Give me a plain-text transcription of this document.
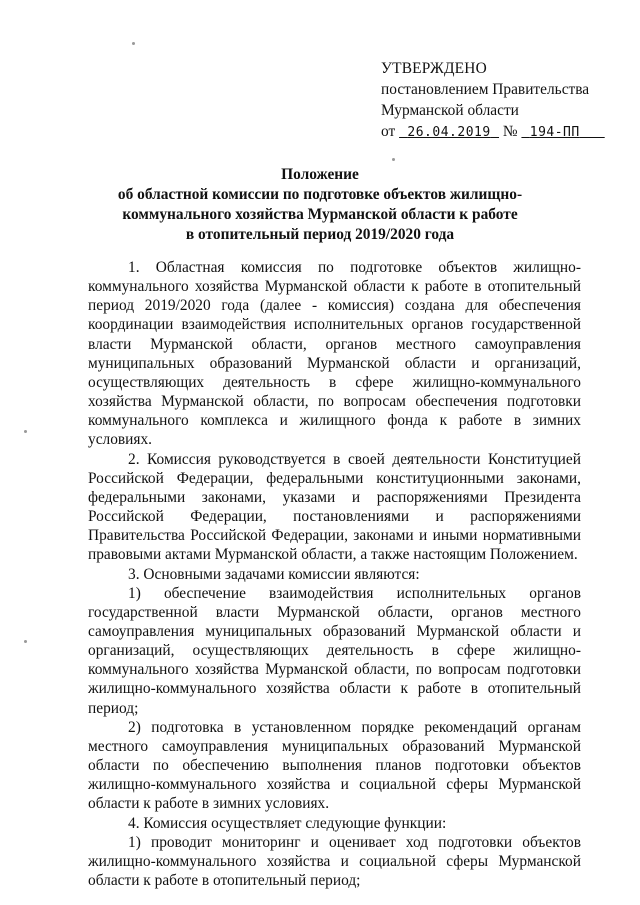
УТВЕРЖДЕНО
постановлением Правительства
Мурманской области
от 26.04.2019 № 194-ПП
Положение
об областной комиссии по подготовке объектов жилищно-
коммунального хозяйства Мурманской области к работе
в отопительный период 2019/2020 года

1. Областная комиссия по подготовке объектов жилищно-коммунального хозяйства Мурманской области к работе в отопительный период 2019/2020 года (далее - комиссия) создана для обеспечения координации взаимодействия исполнительных органов государственной власти Мурманской области, органов местного самоуправления муниципальных образований Мурманской области и организаций, осуществляющих деятельность в сфере жилищно-коммунального хозяйства Мурманской области, по вопросам обеспечения подготовки коммунального комплекса и жилищного фонда к работе в зимних условиях.

2. Комиссия руководствуется в своей деятельности Конституцией Российской Федерации, федеральными конституционными законами, федеральными законами, указами и распоряжениями Президента Российской Федерации, постановлениями и распоряжениями Правительства Российской Федерации, законами и иными нормативными правовыми актами Мурманской области, а также настоящим Положением.

3. Основными задачами комиссии являются:

1) обеспечение взаимодействия исполнительных органов государственной власти Мурманской области, органов местного самоуправления муниципальных образований Мурманской области и организаций, осуществляющих деятельность в сфере жилищно-коммунального хозяйства Мурманской области, по вопросам подготовки жилищно-коммунального хозяйства области к работе в отопительный период;

2) подготовка в установленном порядке рекомендаций органам местного самоуправления муниципальных образований Мурманской области по обеспечению выполнения планов подготовки объектов жилищно-коммунального хозяйства и социальной сферы Мурманской области к работе в зимних условиях.

4. Комиссия осуществляет следующие функции:

1) проводит мониторинг и оценивает ход подготовки объектов жилищно-коммунального хозяйства и социальной сферы Мурманской области к работе в отопительный период;
